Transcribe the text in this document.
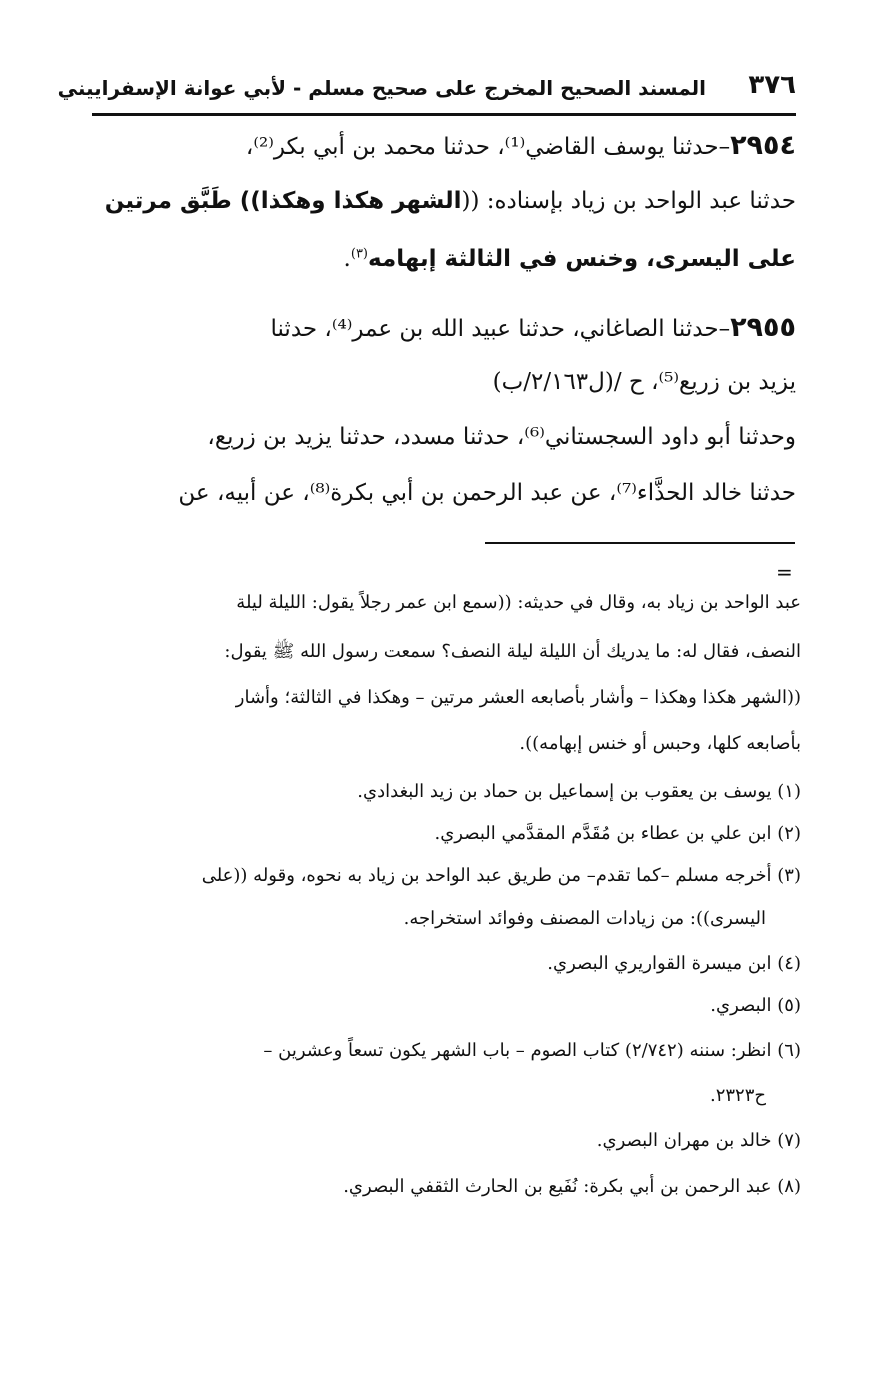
٣٧٦
المسند الصحيح المخرج على صحيح مسلم - لأبي عوانة الإسفراييني
٢٩٥٤–حدثنا يوسف القاضي⁽¹⁾، حدثنا محمد بن أبي بكر⁽²⁾،
حدثنا عبد الواحد بن زياد بإسناده: ((الشهر هكذا وهكذا)) طَبَّق مرتين
على اليسرى، وخنس في الثالثة إبهامه$^{(٣)}$.
٢٩٥٥–حدثنا الصاغاني، حدثنا عبيد الله بن عمر⁽⁴⁾، حدثنا
يزيد بن زريع⁽⁵⁾، ح /(ل٢/١٦٣/ب)
وحدثنا أبو داود السجستاني⁽⁶⁾، حدثنا مسدد، حدثنا يزيد بن زريع،
حدثنا خالد الحذَّاء⁽⁷⁾، عن عبد الرحمن بن أبي بكرة⁽⁸⁾، عن أبيه، عن
=
عبد الواحد بن زياد به، وقال في حديثه: ((سمع ابن عمر رجلاً يقول: الليلة ليلة
النصف، فقال له: ما يدريك أن الليلة ليلة النصف؟ سمعت رسول الله ﷺ يقول:
((الشهر هكذا وهكذا – وأشار بأصابعه العشر مرتين – وهكذا في الثالثة؛ وأشار
بأصابعه كلها، وحبس أو خنس إبهامه)).
(١) يوسف بن يعقوب بن إسماعيل بن حماد بن زيد البغدادي.
(٢) ابن علي بن عطاء بن مُقَدَّم المقدَّمي البصري.
(٣) أخرجه مسلم –كما تقدم– من طريق عبد الواحد بن زياد به نحوه، وقوله ((على
اليسرى)): من زيادات المصنف وفوائد استخراجه.
(٤) ابن ميسرة القواريري البصري.
(٥) البصري.
(٦) انظر: سننه (٢/٧٤٢) كتاب الصوم – باب الشهر يكون تسعاً وعشرين –
ح٢٣٢٣.
(٧) خالد بن مهران البصري.
(٨) عبد الرحمن بن أبي بكرة: نُفَيع بن الحارث الثقفي البصري.
